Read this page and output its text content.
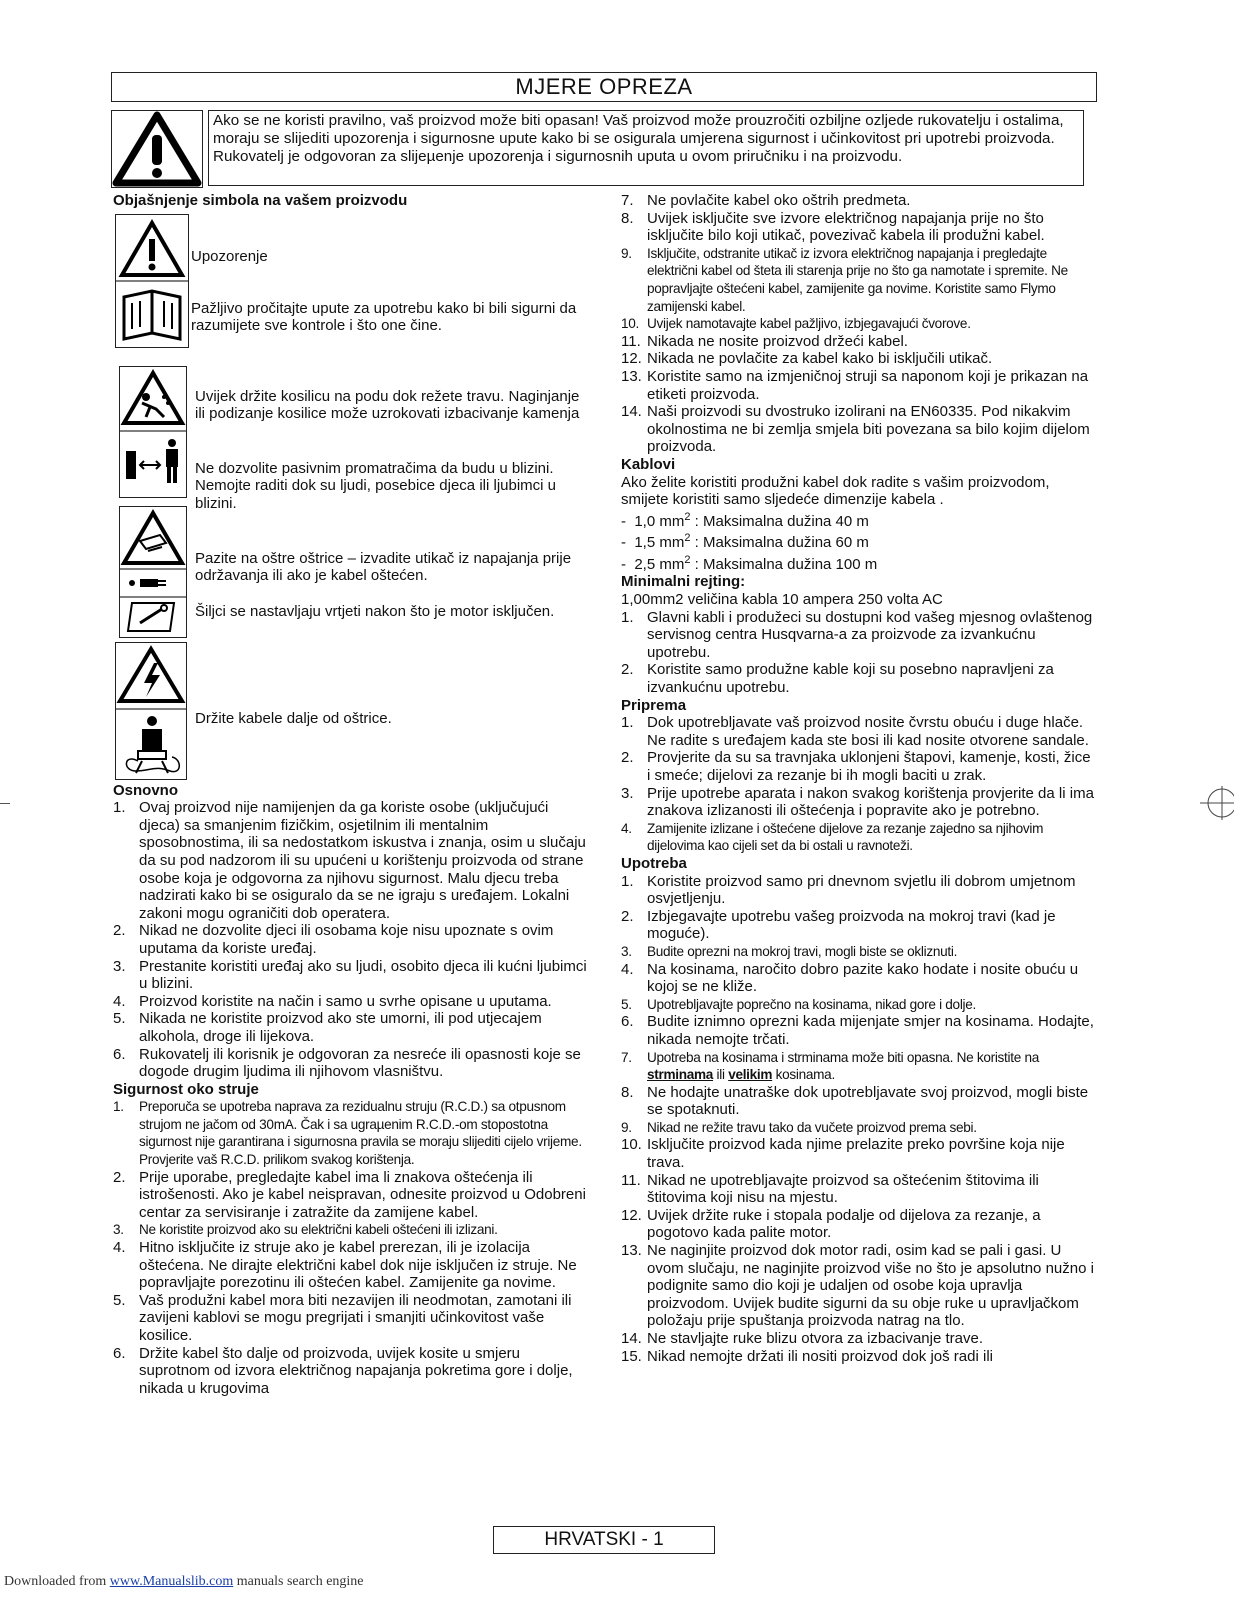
MJERE OPREZA
Ako se ne koristi pravilno, vaš proizvod može biti opasan! Vaš proizvod može prouzročiti ozbiljne ozljede rukovatelju i ostalima, moraju se slijediti upozorenja i sigurnosne upute kako bi se osigurala umjerena sigurnost i učinkovitost pri upotrebi proizvoda. Rukovatelj je odgovoran za slijeµenje upozorenja i sigurnosnih uputa u ovom priručniku i na proizvodu.

Objašnjenje simbola na vašem proizvodu

Upozorenje
Pažljivo pročitajte upute za upotrebu kako bi bili sigurni da razumijete sve kontrole i što one čine.
Uvijek držite kosilicu na podu dok režete travu. Naginjanje ili podizanje kosilice može uzrokovati izbacivanje kamenja
Ne dozvolite pasivnim promatračima da budu u blizini. Nemojte raditi dok su ljudi, posebice djeca ili ljubimci u blizini.
Pazite na oštre oštrice – izvadite utikač iz napajanja prije održavanja ili ako je kabel oštećen.
Šiljci se nastavljaju vrtjeti nakon što je motor isključen.
Držite kabele dalje od oštrice.

Osnovno

1. Ovaj proizvod nije namijenjen da ga koriste osobe (uključujući djeca) sa smanjenim fizičkim, osjetilnim ili mentalnim sposobnostima, ili sa nedostatkom iskustva i znanja, osim u slučaju da su pod nadzorom ili su upućeni u korištenju proizvoda od strane osobe koja je odgovorna za njihovu sigurnost. Malu djecu treba nadzirati kako bi se osiguralo da se ne igraju s uređajem. Lokalni zakoni mogu ograničiti dob operatera.
2. Nikad ne dozvolite djeci ili osobama koje nisu upoznate s ovim uputama da koriste uređaj.
3. Prestanite koristiti uređaj ako su ljudi, osobito djeca ili kućni ljubimci u blizini.
4. Proizvod koristite na način i samo u svrhe opisane u uputama.
5. Nikada ne koristite proizvod ako ste umorni, ili pod utjecajem alkohola, droge ili lijekova.
6. Rukovatelj ili korisnik je odgovoran za nesreće ili opasnosti koje se dogode drugim ljudima ili njihovom vlasništvu.

Sigurnost oko struje

1. Preporuča se upotreba naprava za rezidualnu struju (R.C.D.) sa otpusnom strujom ne jačom od 30mA. Čak i sa ugraµenim R.C.D.-om stopostotna sigurnost nije garantirana i sigurnosna pravila se moraju slijediti cijelo vrijeme. Provjerite vaš R.C.D. prilikom svakog korištenja.
2. Prije uporabe, pregledajte kabel ima li znakova oštećenja ili istrošenosti. Ako je kabel neispravan, odnesite proizvod u Odobreni centar za servisiranje i zatražite da zamijene kabel.
3. Ne koristite proizvod ako su električni kabeli oštećeni ili izlizani.
4. Hitno isključite iz struje ako je kabel prerezan, ili je izolacija oštećena. Ne dirajte električni kabel dok nije isključen iz struje. Ne popravljajte porezotinu ili oštećen kabel. Zamijenite ga novime.
5. Vaš produžni kabel mora biti nezavijen ili neodmotan, zamotani ili zavijeni kablovi se mogu pregrijati i smanjiti učinkovitost vaše kosilice.
6. Držite kabel što dalje od proizvoda, uvijek kosite u smjeru suprotnom od izvora električnog napajanja pokretima gore i dolje, nikada u krugovima
7. Ne povlačite kabel oko oštrih predmeta.
8. Uvijek isključite sve izvore električnog napajanja prije no što isključite bilo koji utikač, povezivač kabela ili produžni kabel.
9. Isključite, odstranite utikač iz izvora električnog napajanja i pregledajte električni kabel od šteta ili starenja prije no što ga namotate i spremite. Ne popravljajte oštećeni kabel, zamijenite ga novime. Koristite samo Flymo zamijenski kabel.
10. Uvijek namotavajte kabel pažljivo, izbjegavajući čvorove.
11. Nikada ne nosite proizvod držeći kabel.
12. Nikada ne povlačite za kabel kako bi isključili utikač.
13. Koristite samo na izmjeničnoj struji sa naponom koji je prikazan na etiketi proizvoda.
14. Naši proizvodi su dvostruko izolirani na EN60335. Pod nikakvim okolnostima ne bi zemlja smjela biti povezana sa bilo kojim dijelom proizvoda.

Kablovi

Ako želite koristiti produžni kabel dok radite s vašim proizvodom, smijete koristiti samo sljedeće dimenzije kabela .
- 1,0 $mm^2$ : Maksimalna dužina 40 m
- 1,5 $mm^2$ : Maksimalna dužina 60 m
- 2,5 $mm^2$ : Maksimalna dužina 100 m

Minimalni rejting:

1,00mm2 veličina kabla 10 ampera 250 volta AC
1. Glavni kabli i produžeci su dostupni kod vašeg mjesnog ovlaštenog servisnog centra Husqvarna-a za proizvode za izvankućnu upotrebu.
2. Koristite samo produžne kable koji su posebno napravljeni za izvankućnu upotrebu.

Priprema

1. Dok upotrebljavate vaš proizvod nosite čvrstu obuću i duge hlače. Ne radite s uređajem kada ste bosi ili kad nosite otvorene sandale.
2. Provjerite da su sa travnjaka uklonjeni štapovi, kamenje, kosti, žice i smeće; dijelovi za rezanje bi ih mogli baciti u zrak.
3. Prije upotrebe aparata i nakon svakog korištenja provjerite da li ima znakova izlizanosti ili oštećenja i popravite ako je potrebno.
4. Zamijenite izlizane i oštećene dijelove za rezanje zajedno sa njihovim dijelovima kao cijeli set da bi ostali u ravnoteži.

Upotreba

1. Koristite proizvod samo pri dnevnom svjetlu ili dobrom umjetnom osvjetljenju.
2. Izbjegavajte upotrebu vašeg proizvoda na mokroj travi (kad je moguće).
3. Budite oprezni na mokroj travi, mogli biste se okliznuti.
4. Na kosinama, naročito dobro pazite kako hodate i nosite obuću u kojoj se ne kliže.
5. Upotrebljavajte poprečno na kosinama, nikad gore i dolje.
6. Budite iznimno oprezni kada mijenjate smjer na kosinama. Hodajte, nikada nemojte trčati.
7. Upotreba na kosinama i strminama može biti opasna. Ne koristite na strminama ili velikim kosinama.
8. Ne hodajte unatraške dok upotrebljavate svoj proizvod, mogli biste se spotaknuti.
9. Nikad ne režite travu tako da vučete proizvod prema sebi.
10. Isključite proizvod kada njime prelazite preko površine koja nije trava.
11. Nikad ne upotrebljavajte proizvod sa oštećenim štitovima ili štitovima koji nisu na mjestu.
12. Uvijek držite ruke i stopala podalje od dijelova za rezanje, a pogotovo kada palite motor.
13. Ne naginjite proizvod dok motor radi, osim kad se pali i gasi. U ovom slučaju, ne naginjite proizvod više no što je apsolutno nužno i podignite samo dio koji je udaljen od osobe koja upravlja proizvodom. Uvijek budite sigurni da su obje ruke u upravljačkom položaju prije spuštanja proizvoda natrag na tlo.
14. Ne stavljajte ruke blizu otvora za izbacivanje trave.
15. Nikad nemojte držati ili nositi proizvod dok još radi ili
HRVATSKI - 1
Downloaded from www.Manualslib.com manuals search engine
